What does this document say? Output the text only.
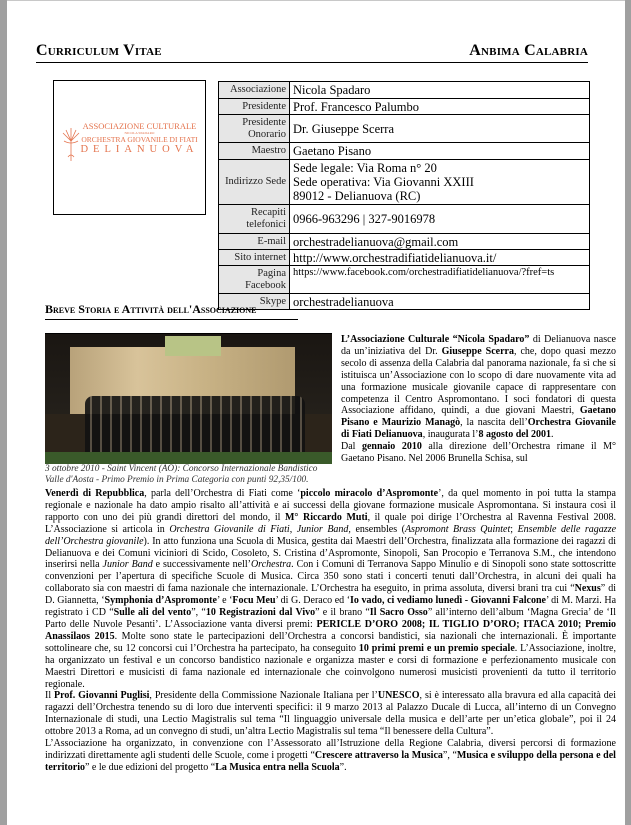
Curriculum Vitae	Anbima Calabria
ASSOCIAZIONE CULTURALE
NICOLA SPADARO
ORCHESTRA GIOVANILE DI FIATI
DELIANUOVA
Associazione	Nicola Spadaro
Presidente	Prof. Francesco Palumbo
Presidente Onorario	Dr. Giuseppe Scerra
Maestro	Gaetano Pisano
Indirizzo Sede	Sede legale: Via Roma n° 20
Sede operativa: Via Giovanni XXIII
89012 - Delianuova (RC)

Recapiti telefonici	0966-963296 | 327-9016978
E-mail	orchestradelianuova@gmail.com
Sito internet	http://www.orchestradifiatidelianuova.it/
Pagina Facebook	https://www.facebook.com/orchestradifiatidelianuova/?fref=ts
Skype	orchestradelianuova
Breve Storia e Attività dell'Associazione
3 ottobre 2010 - Saint Vincent (AO): Concorso Internazionale Bandistico Valle d'Aosta - Primo Premio in Prima Categoria con punti 92,35/100.
L’Associazione Culturale “Nicola Spadaro” di Delianuova nasce da un’iniziativa del Dr. Giuseppe Scerra, che, dopo quasi mezzo secolo di assenza della Calabria dal panorama nazionale, fa sì che si istituisca un’Associazione con lo scopo di dare nuovamente vita ad una formazione musicale giovanile capace di rappresentare con competenza il Centro Aspromontano. I soci fondatori di questa Associazione affidano, quindi, a due giovani Maestri, Gaetano Pisano e Maurizio Managò, la nascita dell’Orchestra Giovanile di Fiati Delianuova, inaugurata l’8 agosto del 2001.
Dal gennaio 2010 alla direzione dell’Orchestra rimane il M° Gaetano Pisano. Nel 2006 Brunella Schisa, sul
Venerdì di Repubblica, parla dell’Orchestra di Fiati come ‘piccolo miracolo d’Aspromonte’, da quel momento in poi tutta la stampa regionale e nazionale ha dato ampio risalto all’attività e ai successi della giovane formazione musicale Aspromontana. Si instaura così il rapporto con uno dei più grandi direttori del mondo, il M° Riccardo Muti, il quale poi dirige l’Orchestra al Ravenna Festival 2008. L’Associazione si articola in Orchestra Giovanile di Fiati, Junior Band, ensembles (Aspromont Brass Quintet; Ensemble delle ragazze dell’Orchestra giovanile). In atto funziona una Scuola di Musica, gestita dai Maestri dell’Orchestra, finalizzata alla formazione dei ragazzi di Delianuova e dei Comuni viciniori di Scido, Cosoleto, S. Cristina d’Aspromonte, Sinopoli, San Procopio e Terranova S.M., che intendono inserirsi nella Junior Band e successivamente nell’Orchestra. Con i Comuni di Terranova Sappo Minulio e di Sinopoli sono state sottoscritte convenzioni per l’apertura di specifiche Scuole di Musica. Circa 350 sono stati i concerti tenuti dall’Orchestra, in alcuni dei quali ha collaborato sia con maestri di fama nazionale che internazionale. L’Orchestra ha eseguito, in prima assoluta, diversi brani tra cui “Nexus” di D. Giannetta, ‘Symphonia d’Aspromonte’ e ‘Focu Meu’ di G. Deraco ed ‘Io vado, ci vediamo lunedì - Giovanni Falcone’ di M. Marzi. Ha registrato i CD “Sulle ali del vento”, “10 Registrazioni dal Vivo” e il brano “Il Sacro Osso” all’interno dell’album ‘Magna Grecia’ de ‘Il Parto delle Nuvole Pesanti’. L’Associazione vanta diversi premi: PERICLE D’ORO 2008; IL TIGLIO D’ORO; ITACA 2010; Premio Anassilaos 2015. Molte sono state le partecipazioni dell’Orchestra a concorsi bandistici, sia nazionali che internazionali. È importante sottolineare che, su 12 concorsi cui l’Orchestra ha partecipato, ha conseguito 10 primi premi e un premio speciale. L’Associazione, inoltre, ha organizzato un festival e un concorso bandistico nazionale e organizza master e corsi di formazione e perfezionamento musicale con Maestri Direttori e musicisti di fama nazionale ed internazionale che coinvolgono numerosi musicisti provenienti da tutto il territorio regionale.
Il Prof. Giovanni Puglisi, Presidente della Commissione Nazionale Italiana per l’UNESCO, si è interessato alla bravura ed alla capacità dei ragazzi dell’Orchestra tenendo su di loro due interventi specifici: il 9 marzo 2013 al Palazzo Ducale di Lucca, all’interno di un Convegno Internazionale di studi, una Lectio Magistralis sul tema “Il linguaggio universale della musica e dell’arte per un’etica globale”, poi il 24 ottobre 2013 a Roma, ad un convegno di studi, un’altra Lectio Magistralis sul tema “Il benessere della Cultura”.
L’Associazione ha organizzato, in convenzione con l’Assessorato all’Istruzione della Regione Calabria, diversi percorsi di formazione indirizzati direttamente agli studenti delle Scuole, come i progetti “Crescere attraverso la Musica”, “Musica e sviluppo della persona e del territorio” e le due edizioni del progetto “La Musica entra nella Scuola”.
